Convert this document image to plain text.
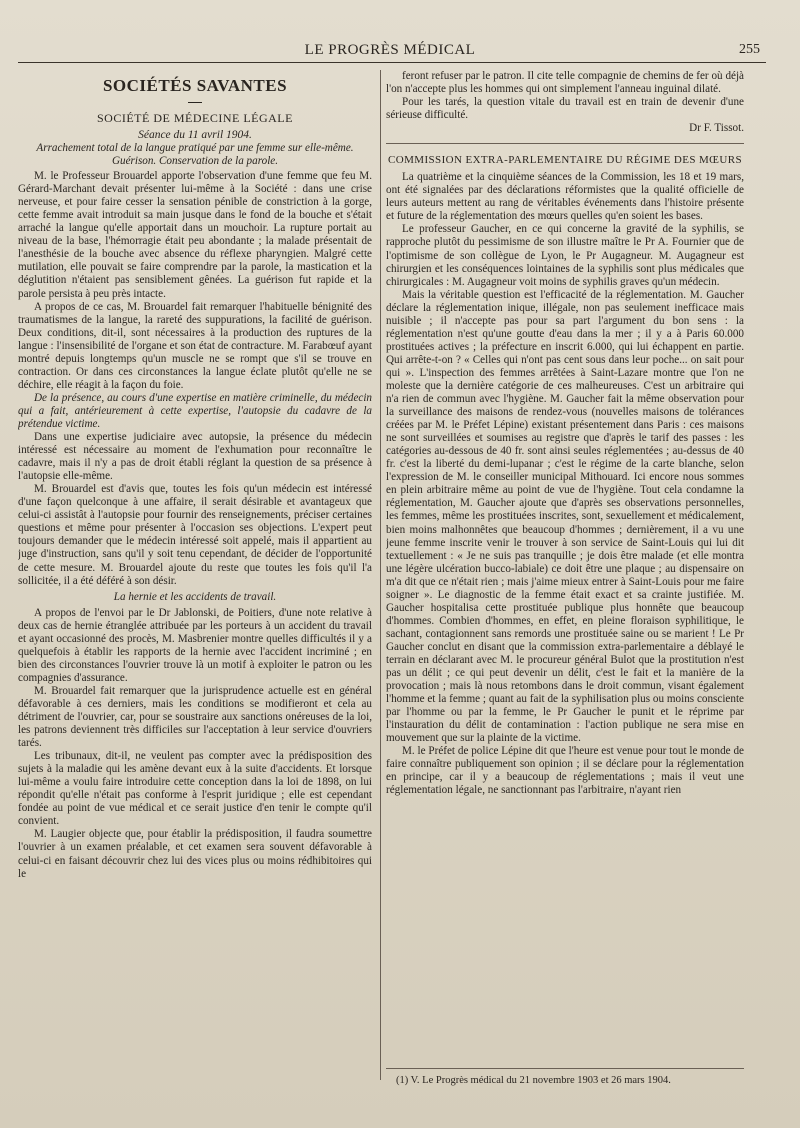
LE PROGRÈS MÉDICAL	255
SOCIÉTÉS SAVANTES
SOCIÉTÉ DE MÉDECINE LÉGALE
Séance du 11 avril 1904.
Arrachement total de la langue pratiqué par une femme sur elle-même. Guérison. Conservation de la parole.

M. le Professeur Brouardel apporte l'observation d'une femme que feu M. Gérard-Marchant devait présenter lui-même à la Société : dans une crise nerveuse, et pour faire cesser la sensation pénible de constriction à la gorge, cette femme avait introduit sa main jusque dans le fond de la bouche et s'était arraché la langue qu'elle apportait dans un mouchoir. La rupture portait au niveau de la base, l'hémorragie était peu abondante ; la malade présentait de l'anesthésie de la bouche avec absence du réflexe pharyngien. Malgré cette mutilation, elle pouvait se faire comprendre par la parole, la mastication et la déglutition n'étaient pas sensiblement gênées. La guérison fut rapide et la parole persista à peu près intacte.

A propos de ce cas, M. Brouardel fait remarquer l'habituelle bénignité des traumatismes de la langue, la rareté des suppurations, la facilité de guérison. Deux conditions, dit-il, sont nécessaires à la production des ruptures de la langue : l'insensibilité de l'organe et son état de contracture. M. Farabœuf ayant montré depuis longtemps qu'un muscle ne se rompt que s'il se trouve en contraction. Or dans ces circonstances la langue éclate plutôt qu'elle ne se déchire, elle réagit à la façon du foie.

De la présence, au cours d'une expertise en matière criminelle, du médecin qui a fait, antérieurement à cette expertise, l'autopsie du cadavre de la prétendue victime.

Dans une expertise judiciaire avec autopsie, la présence du médecin intéressé est nécessaire au moment de l'exhumation pour reconnaître le cadavre, mais il n'y a pas de droit établi réglant la question de sa présence à l'autopsie elle-même.

M. Brouardel est d'avis que, toutes les fois qu'un médecin est intéressé d'une façon quelconque à une affaire, il serait désirable et avantageux que celui-ci assistât à l'autopsie pour fournir des renseignements, préciser certaines questions et même pour présenter à l'occasion ses objections. L'expert peut toujours demander que le médecin intéressé soit appelé, mais il appartient au juge d'instruction, sans qu'il y soit tenu cependant, de décider de l'opportunité de cette mesure. M. Brouardel ajoute du reste que toutes les fois qu'il l'a sollicitée, il a été déféré à son désir.

La hernie et les accidents de travail.

A propos de l'envoi par le Dr Jablonski, de Poitiers, d'une note relative à deux cas de hernie étranglée attribuée par les porteurs à un accident du travail et ayant occasionné des procès, M. Masbrenier montre quelles difficultés il y a quelquefois à établir les rapports de la hernie avec l'accident incriminé ; en bien des circonstances l'ouvrier trouve là un motif à exploiter le patron ou les compagnies d'assurance.

M. Brouardel fait remarquer que la jurisprudence actuelle est en général défavorable à ces derniers, mais les conditions se modifieront et cela au détriment de l'ouvrier, car, pour se soustraire aux sanctions onéreuses de la loi, les patrons deviennent très difficiles sur l'acceptation à leur service d'ouvriers tarés.

Les tribunaux, dit-il, ne veulent pas compter avec la prédisposition des sujets à la maladie qui les amène devant eux à la suite d'accidents. Et lorsque lui-même a voulu faire introduire cette conception dans la loi de 1898, on lui répondit qu'elle n'était pas conforme à l'esprit juridique ; elle est cependant fondée au point de vue médical et ce serait justice d'en tenir le compte qu'il convient.

M. Laugier objecte que, pour établir la prédisposition, il faudra soumettre l'ouvrier à un examen préalable, et cet examen sera souvent défavorable à celui-ci en faisant découvrir chez lui des vices plus ou moins rédhibitoires qui le

feront refuser par le patron. Il cite telle compagnie de chemins de fer où déjà l'on n'accepte plus les hommes qui ont simplement l'anneau inguinal dilaté.

Pour les tarés, la question vitale du travail est en train de devenir d'une sérieuse difficulté.

Dr F. Tissot.
COMMISSION EXTRA-PARLEMENTAIRE DU RÉGIME DES MŒURS

La quatrième et la cinquième séances de la Commission, les 18 et 19 mars, ont été signalées par des déclarations réformistes que la qualité officielle de leurs auteurs mettent au rang de véritables événements dans l'histoire présente et future de la réglementation des mœurs quelles qu'en soient les bases.

Le professeur Gaucher, en ce qui concerne la gravité de la syphilis, se rapproche plutôt du pessimisme de son illustre maître le Pr A. Fournier que de l'optimisme de son collègue de Lyon, le Pr Augagneur. M. Augagneur est chirurgien et les conséquences lointaines de la syphilis sont plus médicales que chirurgicales : M. Augagneur voit moins de syphilis graves qu'un médecin.

Mais la véritable question est l'efficacité de la réglementation. M. Gaucher déclare la réglementation inique, illégale, non pas seulement inefficace mais nuisible ; il n'accepte pas pour sa part l'argument du bon sens : la réglementation n'est qu'une goutte d'eau dans la mer ; il y a à Paris 60.000 prostituées actives ; la préfecture en inscrit 6.000, qui lui échappent en partie. Qui arrête-t-on ? « Celles qui n'ont pas cent sous dans leur poche... on sait pour qui ». L'inspection des femmes arrêtées à Saint-Lazare montre que l'on ne moleste que la dernière catégorie de ces malheureuses. C'est un arbitraire qui n'a rien de commun avec l'hygiène. M. Gaucher fait la même observation pour la surveillance des maisons de rendez-vous (nouvelles maisons de tolérances créées par M. le Préfet Lépine) existant présentement dans Paris : ces maisons ne sont surveillées et soumises au registre que d'après le tarif des passes : les catégories au-dessous de 40 fr. sont ainsi seules réglementées ; au-dessus de 40 fr. c'est la liberté du demi-lupanar ; c'est le régime de la carte blanche, selon l'expression de M. le conseiller municipal Mithouard. Ici encore nous sommes en plein arbitraire même au point de vue de l'hygiène. Tout cela condamne la réglementation, M. Gaucher ajoute que d'après ses observations personnelles, les femmes, même les prostituées inscrites, sont, sexuellement et médicalement, bien moins malhonnêtes que beaucoup d'hommes ; dernièrement, il a vu une jeune femme inscrite venir le trouver à son service de Saint-Louis qui lui dit textuellement : « Je ne suis pas tranquille ; je dois être malade (et elle montra une légère ulcération bucco-labiale) ce doit être une plaque ; au dispensaire on m'a dit que ce n'était rien ; mais j'aime mieux entrer à Saint-Louis pour me faire soigner ». Le diagnostic de la femme était exact et sa crainte justifiée. M. Gaucher hospitalisa cette prostituée publique plus honnête que beaucoup d'hommes. Combien d'hommes, en effet, en pleine floraison syphilitique, le sachant, contagionnent sans remords une prostituée saine ou se marient ! Le Pr Gaucher conclut en disant que la commission extra-parlementaire a déblayé le terrain en déclarant avec M. le procureur général Bulot que la prostitution n'est pas un délit ; ce qui peut devenir un délit, c'est le fait et la manière de la provocation ; mais là nous retombons dans le droit commun, visant également l'homme et la femme ; quant au fait de la syphilisation plus ou moins consciente par l'homme ou par la femme, le Pr Gaucher le punit et le réprime par l'instauration du délit de contamination : l'action publique ne sera mise en mouvement que sur la plainte de la victime.

M. le Préfet de police Lépine dit que l'heure est venue pour tout le monde de faire connaître publiquement son opinion ; il se déclare pour la réglementation en principe, car il y a beaucoup de réglementations ; mais il veut une réglementation légale, ne sanctionnant pas l'arbitraire, n'ayant rien

(1) V. Le Progrès médical du 21 novembre 1903 et 26 mars 1904.
